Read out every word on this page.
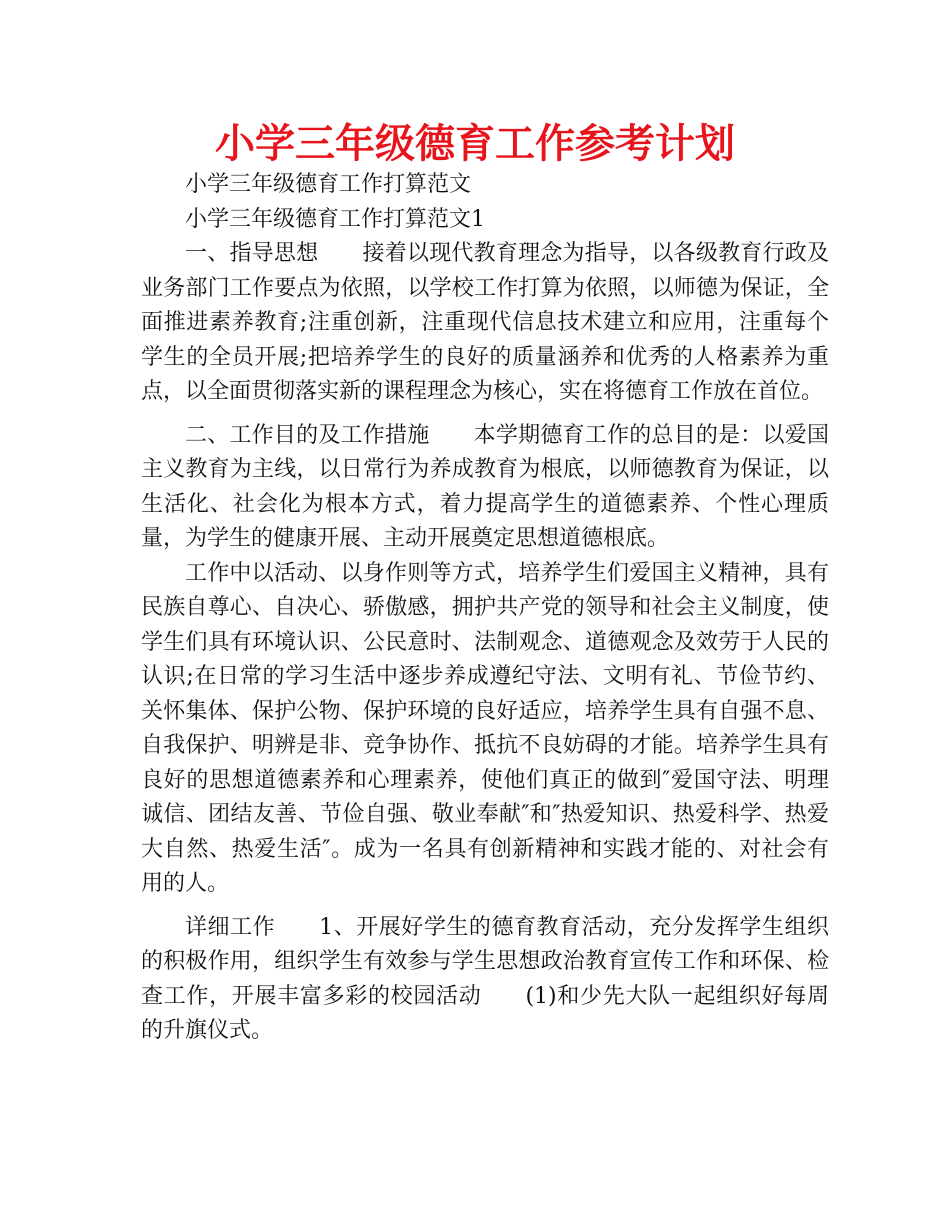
小学三年级德育工作参考计划

小学三年级德育工作打算范文

小学三年级德育工作打算范文1

一、指导思想 接着以现代教育理念为指导，以各级教育行政及业务部门工作要点为依照，以学校工作打算为依照，以师德为保证，全面推进素养教育;注重创新，注重现代信息技术建立和应用，注重每个学生的全员开展;把培养学生的良好的质量涵养和优秀的人格素养为重点，以全面贯彻落实新的课程理念为核心，实在将德育工作放在首位。

二、工作目的及工作措施 本学期德育工作的总目的是：以爱国主义教育为主线，以日常行为养成教育为根底，以师德教育为保证，以生活化、社会化为根本方式，着力提高学生的道德素养、个性心理质量，为学生的健康开展、主动开展奠定思想道德根底。

工作中以活动、以身作则等方式，培养学生们爱国主义精神，具有民族自尊心、自决心、骄傲感，拥护共产党的领导和社会主义制度，使学生们具有环境认识、公民意时、法制观念、道德观念及效劳于人民的认识;在日常的学习生活中逐步养成遵纪守法、文明有礼、节俭节约、关怀集体、保护公物、保护环境的良好适应，培养学生具有自强不息、自我保护、明辨是非、竞争协作、抵抗不良妨碍的才能。培养学生具有良好的思想道德素养和心理素养，使他们真正的做到″爱国守法、明理诚信、团结友善、节俭自强、敬业奉献″和″热爱知识、热爱科学、热爱大自然、热爱生活″。成为一名具有创新精神和实践才能的、对社会有用的人。

详细工作 1、开展好学生的德育教育活动，充分发挥学生组织的积极作用，组织学生有效参与学生思想政治教育宣传工作和环保、检查工作，开展丰富多彩的校园活动 (1)和少先大队一起组织好每周的升旗仪式。
